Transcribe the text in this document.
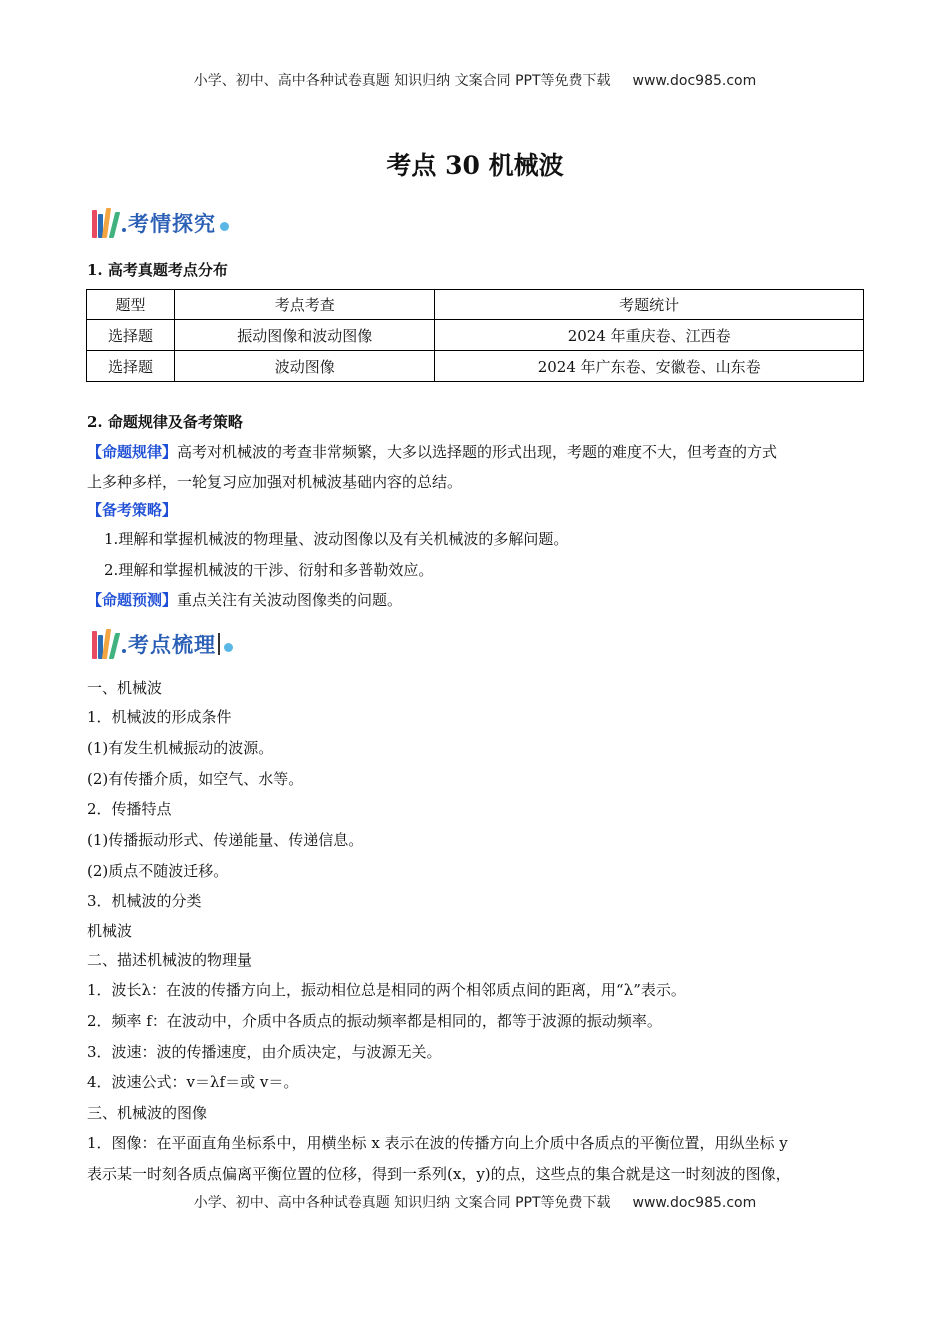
小学、初中、高中各种试卷真题 知识归纳 文案合同 PPT等免费下载 www.doc985.com
考点 30 机械波
考情探究
1. 高考真题考点分布
题型	考点考查	考题统计
选择题	振动图像和波动图像	2024 年重庆卷、江西卷
选择题	波动图像	2024 年广东卷、安徽卷、山东卷
2. 命题规律及备考策略
【命题规律】高考对机械波的考查非常频繁，大多以选择题的形式出现，考题的难度不大，但考查的方式
上多种多样，一轮复习应加强对机械波基础内容的总结。
【备考策略】
1.理解和掌握机械波的物理量、波动图像以及有关机械波的多解问题。
2.理解和掌握机械波的干涉、衍射和多普勒效应。
【命题预测】重点关注有关波动图像类的问题。
考点梳理
一、机械波
1．机械波的形成条件
(1)有发生机械振动的波源。
(2)有传播介质，如空气、水等。
2．传播特点
(1)传播振动形式、传递能量、传递信息。
(2)质点不随波迁移。
3．机械波的分类
机械波
二、描述机械波的物理量
1．波长λ：在波的传播方向上，振动相位总是相同的两个相邻质点间的距离，用“λ”表示。
2．频率 f：在波动中，介质中各质点的振动频率都是相同的，都等于波源的振动频率。
3．波速：波的传播速度，由介质决定，与波源无关。
4．波速公式：v＝λf＝或 v＝。
三、机械波的图像
1．图像：在平面直角坐标系中，用横坐标 x 表示在波的传播方向上介质中各质点的平衡位置，用纵坐标 y
表示某一时刻各质点偏离平衡位置的位移，得到一系列(x，y)的点，这些点的集合就是这一时刻波的图像，
小学、初中、高中各种试卷真题 知识归纳 文案合同 PPT等免费下载 www.doc985.com
